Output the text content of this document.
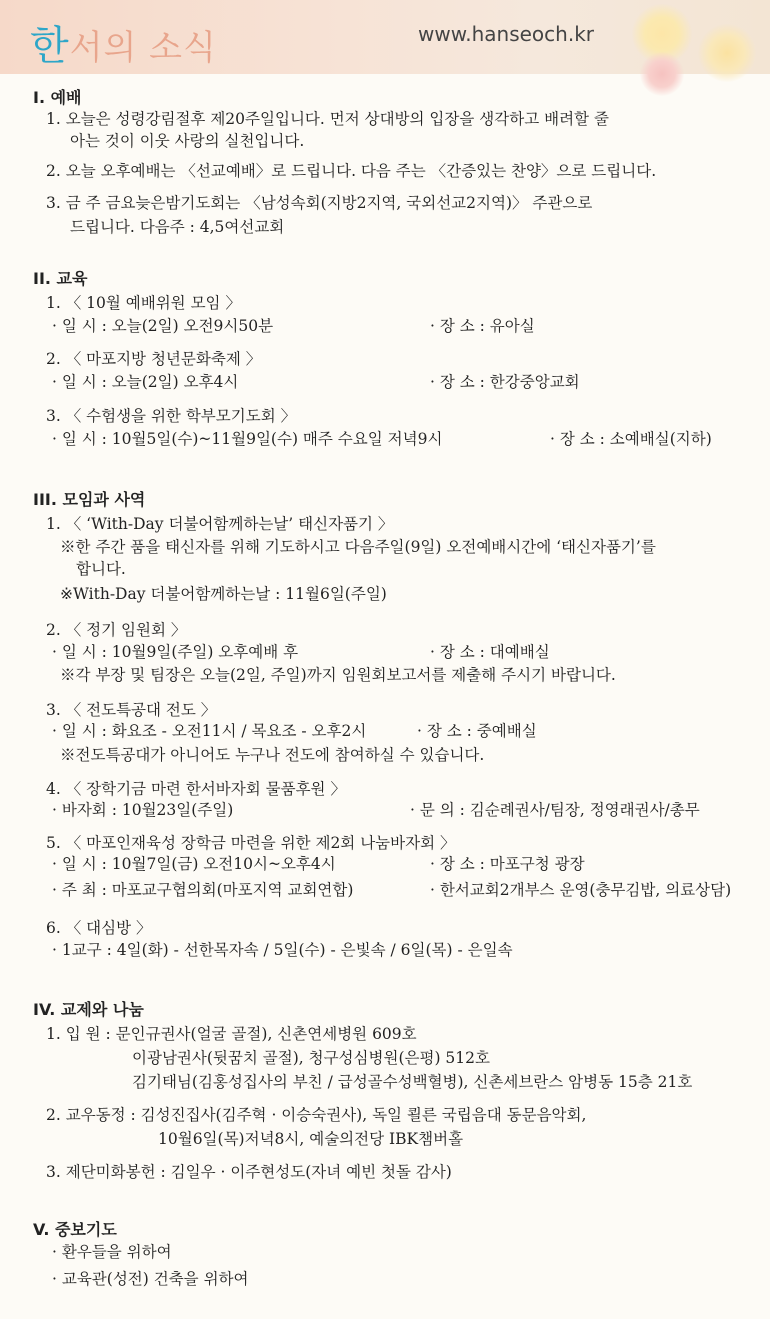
한서의 소식	www.hanseoch.kr
I. 예배
1. 오늘은 성령강림절후 제20주일입니다. 먼저 상대방의 입장을 생각하고 배려할 줄
아는 것이 이웃 사랑의 실천입니다.
2. 오늘 오후예배는 〈선교예배〉로 드립니다. 다음 주는 〈간증있는 찬양〉으로 드립니다.
3. 금 주 금요늦은밤기도회는 〈남성속회(지방2지역, 국외선교2지역)〉 주관으로
드립니다. 다음주 : 4,5여선교회
II. 교육
1. 〈 10월 예배위원 모임 〉
· 일 시 : 오늘(2일) 오전9시50분	· 장 소 : 유아실
2. 〈 마포지방 청년문화축제 〉
· 일 시 : 오늘(2일) 오후4시	· 장 소 : 한강중앙교회
3. 〈 수험생을 위한 학부모기도회 〉
· 일 시 : 10월5일(수)~11월9일(수) 매주 수요일 저녁9시	· 장 소 : 소예배실(지하)
III. 모임과 사역
1. 〈 ‘With-Day 더불어함께하는날’ 태신자품기 〉
※한 주간 품을 태신자를 위해 기도하시고 다음주일(9일) 오전예배시간에 ‘태신자품기’를
합니다.
※With-Day 더불어함께하는날 : 11월6일(주일)
2. 〈 정기 임원회 〉
· 일 시 : 10월9일(주일) 오후예배 후	· 장 소 : 대예배실
※각 부장 및 팀장은 오늘(2일, 주일)까지 임원회보고서를 제출해 주시기 바랍니다.
3. 〈 전도특공대 전도 〉
· 일 시 : 화요조 - 오전11시 / 목요조 - 오후2시	· 장 소 : 중예배실
※전도특공대가 아니어도 누구나 전도에 참여하실 수 있습니다.
4. 〈 장학기금 마련 한서바자회 물품후원 〉
· 바자회 : 10월23일(주일)	· 문 의 : 김순례권사/팀장, 정영래권사/총무
5. 〈 마포인재육성 장학금 마련을 위한 제2회 나눔바자회 〉
· 일 시 : 10월7일(금) 오전10시~오후4시	· 장 소 : 마포구청 광장
· 주 최 : 마포교구협의회(마포지역 교회연합)	· 한서교회2개부스 운영(충무김밥, 의료상담)
6. 〈 대심방 〉
· 1교구 : 4일(화) - 선한목자속 / 5일(수) - 은빛속 / 6일(목) - 은일속
IV. 교제와 나눔
1. 입 원 : 문인규권사(얼굴 골절), 신촌연세병원 609호
이광남권사(뒷꿈치 골절), 청구성심병원(은평) 512호
김기태님(김홍성집사의 부친 / 급성골수성백혈병), 신촌세브란스 암병동 15층 21호
2. 교우동정 : 김성진집사(김주혁 · 이승숙권사), 독일 쾰른 국립음대 동문음악회,
10월6일(목)저녁8시, 예술의전당 IBK챔버홀
3. 제단미화봉헌 : 김일우 · 이주현성도(자녀 예빈 첫돌 감사)
V. 중보기도
· 환우들을 위하여
· 교육관(성전) 건축을 위하여
